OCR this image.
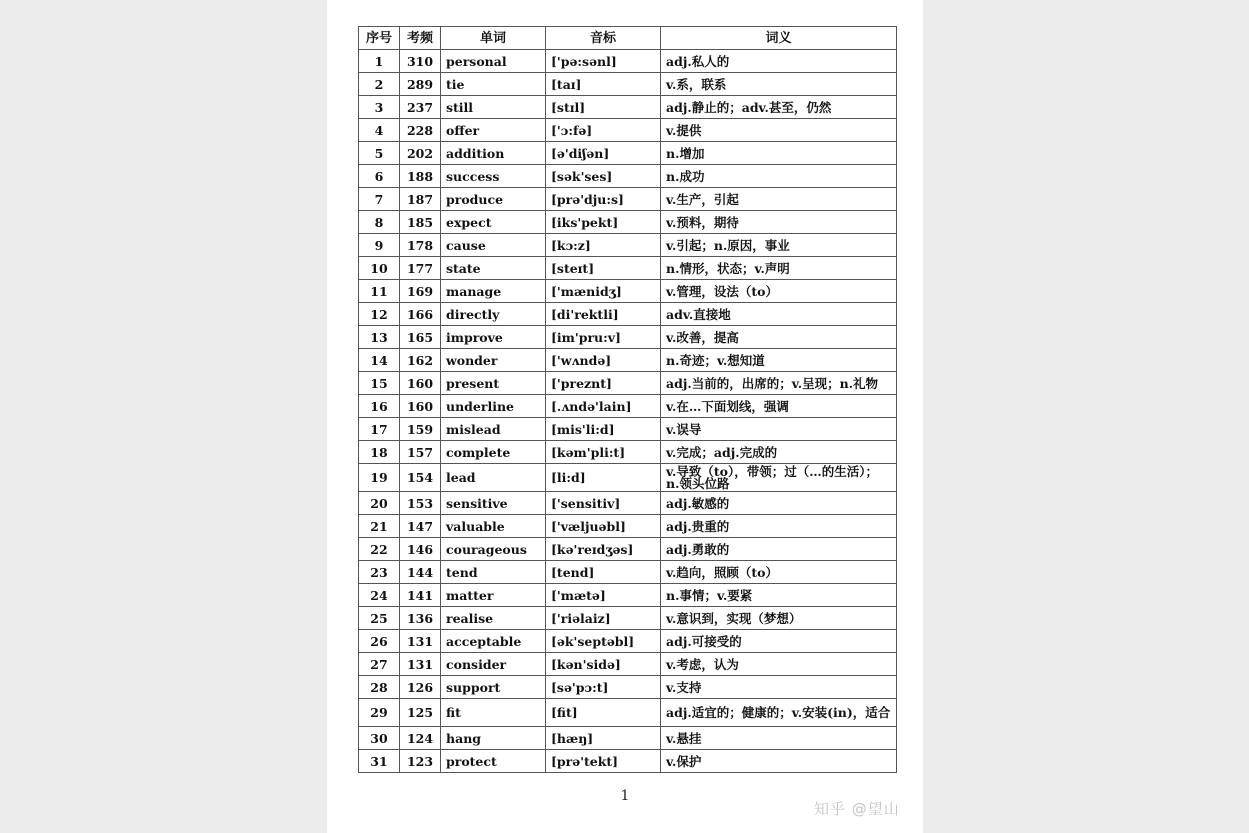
序号	考频	单词	音标	词义
1	310	personal	['pə:sənl]	adj.私人的
2	289	tie	[taɪ]	v.系，联系
3	237	still	[stɪl]	adj.静止的；adv.甚至，仍然
4	228	offer	['ɔ:fə]	v.提供
5	202	addition	[ə'diʃən]	n.增加
6	188	success	[sək'ses]	n.成功
7	187	produce	[prə'dju:s]	v.生产，引起
8	185	expect	[iks'pekt]	v.预料，期待
9	178	cause	[kɔ:z]	v.引起；n.原因，事业
10	177	state	[steɪt]	n.情形，状态；v.声明
11	169	manage	['mænidʒ]	v.管理，设法（to）
12	166	directly	[di'rektli]	adv.直接地
13	165	improve	[im'pru:v]	v.改善，提高
14	162	wonder	['wʌndə]	n.奇迹；v.想知道
15	160	present	['preznt]	adj.当前的，出席的；v.呈现；n.礼物
16	160	underline	[.ʌndə'lain]	v.在…下面划线，强调
17	159	mislead	[mis'li:d]	v.误导
18	157	complete	[kəm'pli:t]	v.完成；adj.完成的
19	154	lead	[li:d]	v.导致（to），带领；过（…的生活）；n.领头位路
20	153	sensitive	['sensitiv]	adj.敏感的
21	147	valuable	['væljuəbl]	adj.贵重的
22	146	courageous	[kə'reɪdʒəs]	adj.勇敢的
23	144	tend	[tend]	v.趋向，照顾（to）
24	141	matter	['mætə]	n.事情；v.要紧
25	136	realise	['riəlaiz]	v.意识到，实现（梦想）
26	131	acceptable	[ək'septəbl]	adj.可接受的
27	131	consider	[kən'sidə]	v.考虑，认为
28	126	support	[sə'pɔ:t]	v.支持
29	125	fit	[fit]	adj.适宜的；健康的；v.安装(in)，适合
30	124	hang	[hæŋ]	v.悬挂
31	123	protect	[prə'tekt]	v.保护
1
知乎 @望山
